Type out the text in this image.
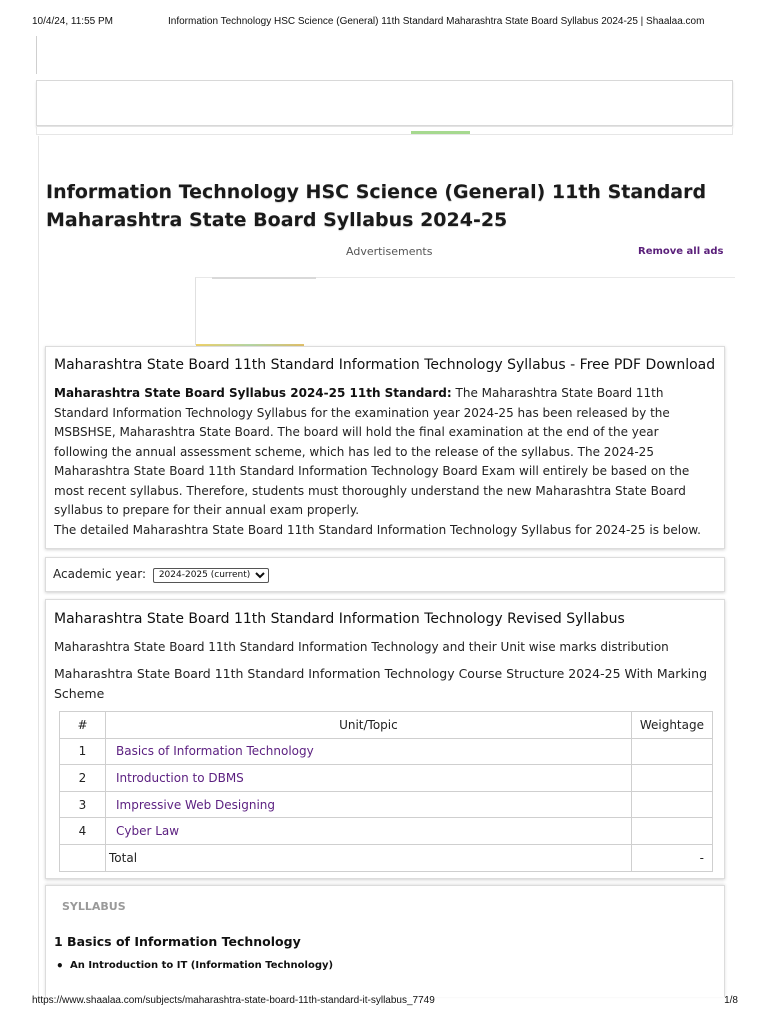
10/4/24, 11:55 PM	Information Technology HSC Science (General) 11th Standard Maharashtra State Board Syllabus 2024-25 | Shaalaa.com
Information Technology HSC Science (General) 11th Standard Maharashtra State Board Syllabus 2024-25
Advertisements	Remove all ads
Maharashtra State Board 11th Standard Information Technology Syllabus - Free PDF Download

Maharashtra State Board Syllabus 2024-25 11th Standard: The Maharashtra State Board 11th Standard Information Technology Syllabus for the examination year 2024-25 has been released by the MSBSHSE, Maharashtra State Board. The board will hold the final examination at the end of the year following the annual assessment scheme, which has led to the release of the syllabus. The 2024-25 Maharashtra State Board 11th Standard Information Technology Board Exam will entirely be based on the most recent syllabus. Therefore, students must thoroughly understand the new Maharashtra State Board syllabus to prepare for their annual exam properly.

The detailed Maharashtra State Board 11th Standard Information Technology Syllabus for 2024-25 is below.

Academic year:
2024-2025 (current)
Maharashtra State Board 11th Standard Information Technology Revised Syllabus

Maharashtra State Board 11th Standard Information Technology and their Unit wise marks distribution

Maharashtra State Board 11th Standard Information Technology Course Structure 2024-25 With Marking Scheme

#	Unit/Topic	Weightage
1	Basics of Information Technology	
2	Introduction to DBMS	
3	Impressive Web Designing	
4	Cyber Law	
	Total	-
SYLLABUS
1 Basics of Information Technology
• An Introduction to IT (Information Technology)
https://www.shaalaa.com/subjects/maharashtra-state-board-11th-standard-it-syllabus_7749	1/8
